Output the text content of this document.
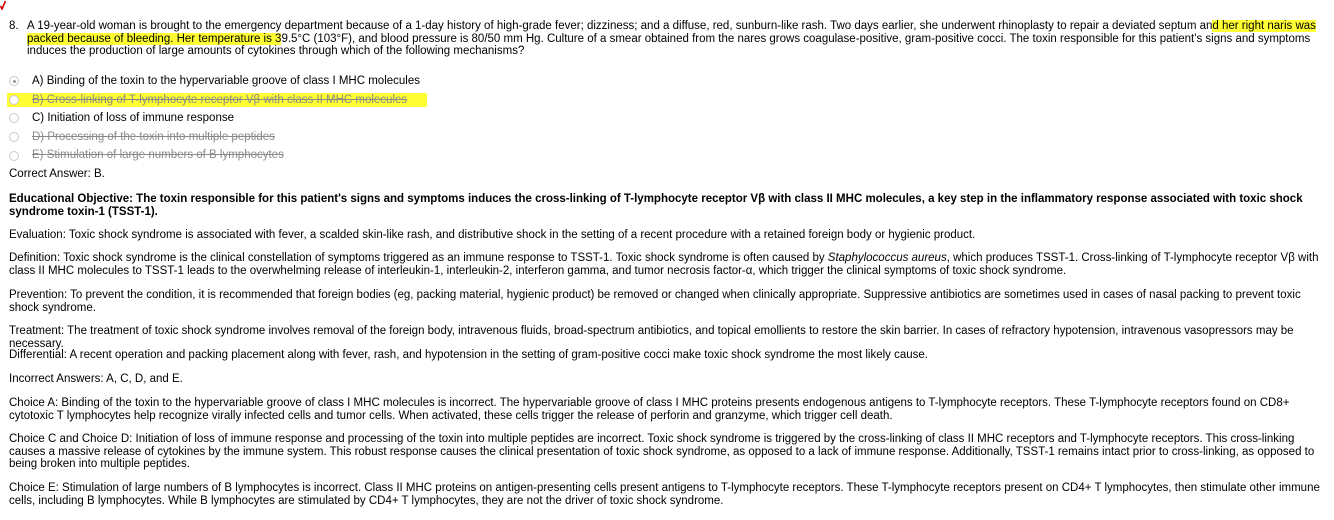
8. A 19-year-old woman is brought to the emergency department because of a 1-day history of high-grade fever; dizziness; and a diffuse, red, sunburn-like rash. Two days earlier, she underwent rhinoplasty to repair a deviated septum and her right naris was packed because of bleeding. Her temperature is 39.5°C (103°F), and blood pressure is 80/50 mm Hg. Culture of a smear obtained from the nares grows coagulase-positive, gram-positive cocci. The toxin responsible for this patient's signs and symptoms induces the production of large amounts of cytokines through which of the following mechanisms?
A) Binding of the toxin to the hypervariable groove of class I MHC molecules
B) Cross-linking of T-lymphocyte receptor Vβ with class II MHC molecules
C) Initiation of loss of immune response
D) Processing of the toxin into multiple peptides
E) Stimulation of large numbers of B lymphocytes
Correct Answer: B.
Educational Objective: The toxin responsible for this patient's signs and symptoms induces the cross-linking of T-lymphocyte receptor Vβ with class II MHC molecules, a key step in the inflammatory response associated with toxic shock syndrome toxin-1 (TSST-1).
Evaluation: Toxic shock syndrome is associated with fever, a scalded skin-like rash, and distributive shock in the setting of a recent procedure with a retained foreign body or hygienic product.
Definition: Toxic shock syndrome is the clinical constellation of symptoms triggered as an immune response to TSST-1. Toxic shock syndrome is often caused by Staphylococcus aureus, which produces TSST-1. Cross-linking of T-lymphocyte receptor Vβ with class II MHC molecules to TSST-1 leads to the overwhelming release of interleukin-1, interleukin-2, interferon gamma, and tumor necrosis factor-α, which trigger the clinical symptoms of toxic shock syndrome.
Prevention: To prevent the condition, it is recommended that foreign bodies (eg, packing material, hygienic product) be removed or changed when clinically appropriate. Suppressive antibiotics are sometimes used in cases of nasal packing to prevent toxic shock syndrome.
Treatment: The treatment of toxic shock syndrome involves removal of the foreign body, intravenous fluids, broad-spectrum antibiotics, and topical emollients to restore the skin barrier. In cases of refractory hypotension, intravenous vasopressors may be necessary.
Differential: A recent operation and packing placement along with fever, rash, and hypotension in the setting of gram-positive cocci make toxic shock syndrome the most likely cause.
Incorrect Answers: A, C, D, and E.
Choice A: Binding of the toxin to the hypervariable groove of class I MHC molecules is incorrect. The hypervariable groove of class I MHC proteins presents endogenous antigens to T-lymphocyte receptors. These T-lymphocyte receptors found on CD8+ cytotoxic T lymphocytes help recognize virally infected cells and tumor cells. When activated, these cells trigger the release of perforin and granzyme, which trigger cell death.
Choice C and Choice D: Initiation of loss of immune response and processing of the toxin into multiple peptides are incorrect. Toxic shock syndrome is triggered by the cross-linking of class II MHC receptors and T-lymphocyte receptors. This cross-linking causes a massive release of cytokines by the immune system. This robust response causes the clinical presentation of toxic shock syndrome, as opposed to a lack of immune response. Additionally, TSST-1 remains intact prior to cross-linking, as opposed to being broken into multiple peptides.
Choice E: Stimulation of large numbers of B lymphocytes is incorrect. Class II MHC proteins on antigen-presenting cells present antigens to T-lymphocyte receptors. These T-lymphocyte receptors present on CD4+ T lymphocytes, then stimulate other immune cells, including B lymphocytes. While B lymphocytes are stimulated by CD4+ T lymphocytes, they are not the driver of toxic shock syndrome.
